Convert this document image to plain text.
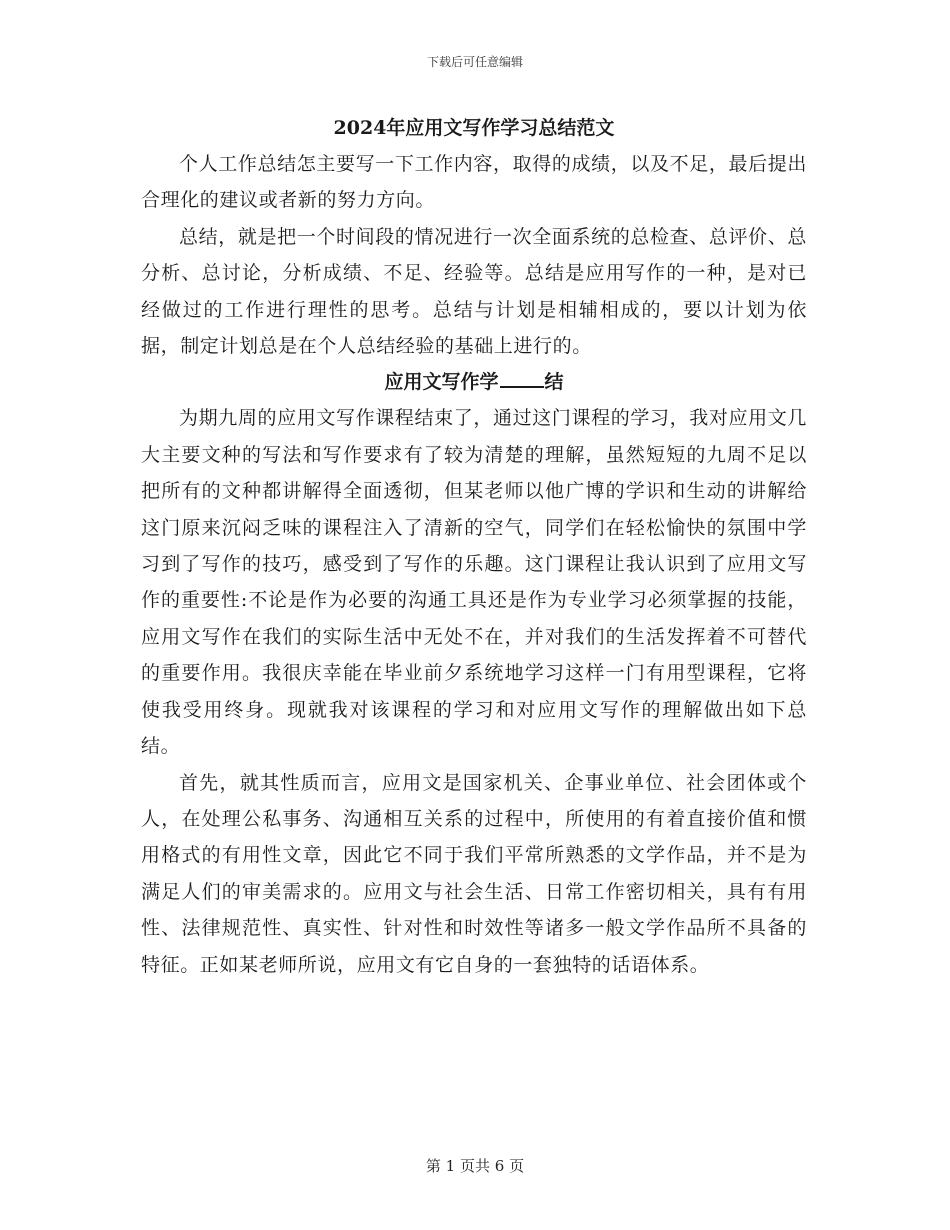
下载后可任意编辑
2024年应用文写作学习总结范文

个人工作总结怎主要写一下工作内容，取得的成绩，以及不足，最后提出合理化的建议或者新的努力方向。

总结，就是把一个时间段的情况进行一次全面系统的总检查、总评价、总分析、总讨论，分析成绩、不足、经验等。总结是应用写作的一种，是对已经做过的工作进行理性的思考。总结与计划是相辅相成的，要以计划为依据，制定计划总是在个人总结经验的基础上进行的。

应用文写作学 结

为期九周的应用文写作课程结束了，通过这门课程的学习，我对应用文几大主要文种的写法和写作要求有了较为清楚的理解，虽然短短的九周不足以把所有的文种都讲解得全面透彻，但某老师以他广博的学识和生动的讲解给这门原来沉闷乏味的课程注入了清新的空气，同学们在轻松愉快的氛围中学习到了写作的技巧，感受到了写作的乐趣。这门课程让我认识到了应用文写作的重要性:不论是作为必要的沟通工具还是作为专业学习必须掌握的技能，应用文写作在我们的实际生活中无处不在，并对我们的生活发挥着不可替代的重要作用。我很庆幸能在毕业前夕系统地学习这样一门有用型课程，它将使我受用终身。现就我对该课程的学习和对应用文写作的理解做出如下总结。

首先，就其性质而言，应用文是国家机关、企事业单位、社会团体或个人，在处理公私事务、沟通相互关系的过程中，所使用的有着直接价值和惯用格式的有用性文章，因此它不同于我们平常所熟悉的文学作品，并不是为满足人们的审美需求的。应用文与社会生活、日常工作密切相关，具有有用性、法律规范性、真实性、针对性和时效性等诸多一般文学作品所不具备的特征。正如某老师所说，应用文有它自身的一套独特的话语体系。

第 1 页共 6 页
